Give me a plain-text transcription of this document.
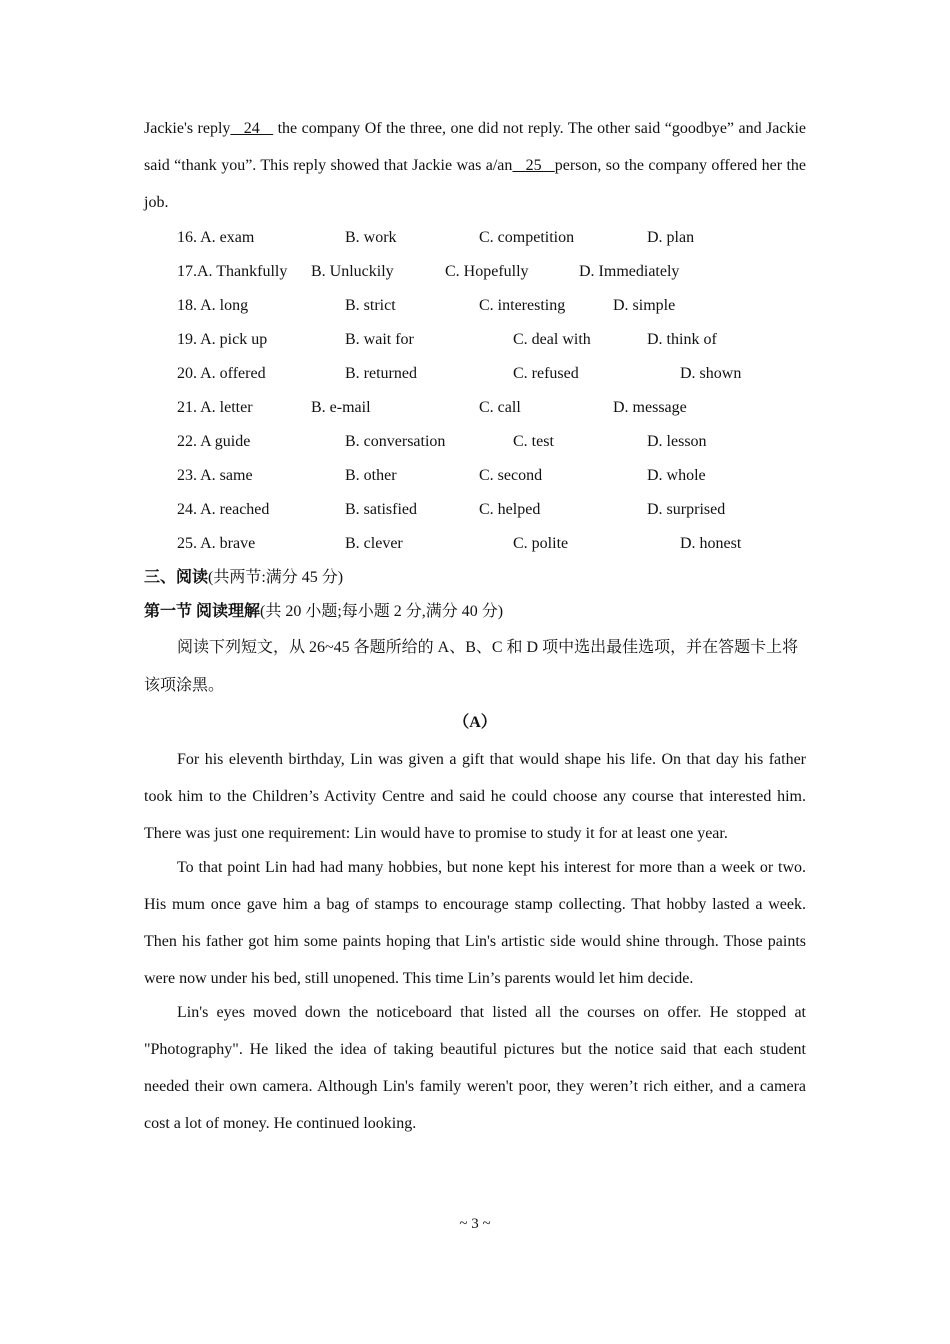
Jackie's reply   24    the company Of the three, one did not reply. The other said “goodbye” and Jackie said “thank you”. This reply showed that Jackie was a/an   25   person, so the company offered her the job.

16. A. exam	B. work	C. competition	D. plan
17.A. Thankfully B. Unluckily	C. Hopefully	D. Immediately
18. A. long	B. strict	C. interesting	D. simple
19. A. pick up	B. wait for	C. deal with	D. think of
20. A. offered	B. returned	C. refused	D. shown
21. A. letter	B. e-mail	C. call	D. message
22. A guide	B. conversation	C. test	D. lesson
23. A. same	B. other	C. second	D. whole
24. A. reached	B. satisfied	C. helped	D. surprised
25. A. brave	B. clever	C. polite	D. honest

三、阅读(共两节:满分 45 分)

第一节 阅读理解(共 20 小题;每小题 2 分,满分 40 分)

阅读下列短文，从 26~45 各题所给的 A、B、C 和 D 项中选出最佳选项，并在答题卡上将该项涂黑。

（A）

For his eleventh birthday, Lin was given a gift that would shape his life. On that day his father took him to the Children’s Activity Centre and said he could choose any course that interested him. There was just one requirement: Lin would have to promise to study it for at least one year.

To that point Lin had had many hobbies, but none kept his interest for more than a week or two. His mum once gave him a bag of stamps to encourage stamp collecting. That hobby lasted a week. Then his father got him some paints hoping that Lin's artistic side would shine through. Those paints were now under his bed, still unopened. This time Lin’s parents would let him decide.

Lin's eyes moved down the noticeboard that listed all the courses on offer. He stopped at "Photography". He liked the idea of taking beautiful pictures but the notice said that each student needed their own camera. Although Lin's family weren't poor, they weren’t rich either, and a camera cost a lot of money. He continued looking.

~ 3 ~
